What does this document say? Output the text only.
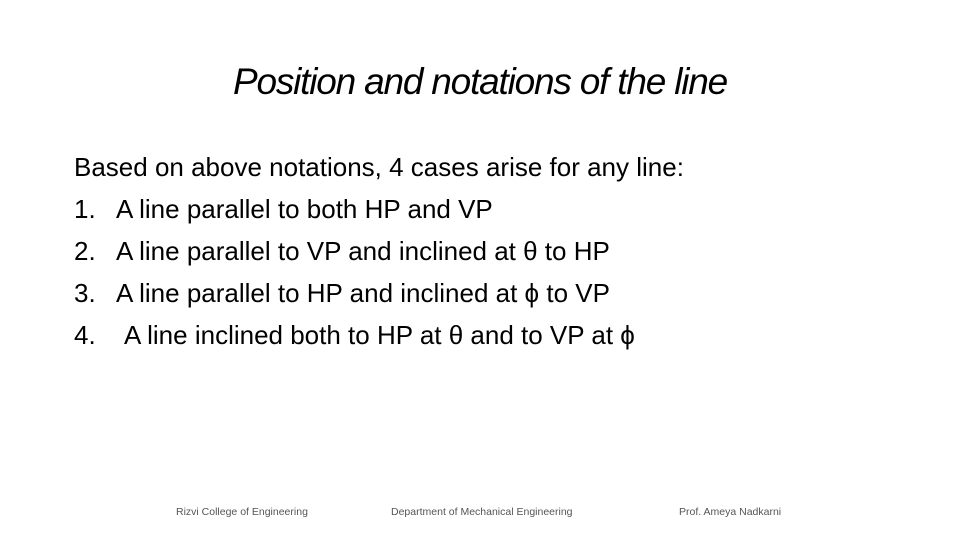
Position and notations of the line
Based on above notations, 4 cases arise for any line:
1. A line parallel to both HP and VP
2. A line parallel to VP and inclined at θ to HP
3. A line parallel to HP and inclined at ϕ to VP
4.	A line inclined both to HP at θ and to VP at ϕ
Rizvi College of Engineering	Department of Mechanical Engineering	Prof. Ameya Nadkarni
